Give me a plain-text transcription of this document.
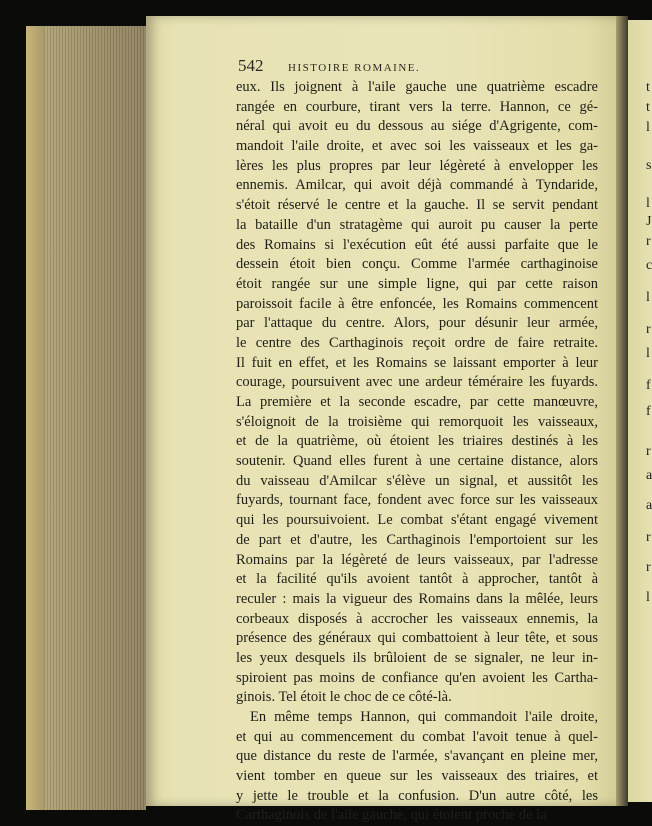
t
t
l
s
l
J
r
c
l
r
l
f
f
r
a
a
r
r
l
542 HISTOIRE ROMAINE.
eux. Ils joignent à l'aile gauche une quatrième escadre
rangée en courbure, tirant vers la terre. Hannon, ce gé-
néral qui avoit eu du dessous au siége d'Agrigente, com-
mandoit l'aile droite, et avec soi les vaisseaux et les ga-
lères les plus propres par leur légèreté à envelopper les
ennemis. Amilcar, qui avoit déjà commandé à Tyndaride,
s'étoit réservé le centre et la gauche. Il se servit pendant
la bataille d'un stratagème qui auroit pu causer la perte
des Romains si l'exécution eût été aussi parfaite que le
dessein étoit bien conçu. Comme l'armée carthaginoise
étoit rangée sur une simple ligne, qui par cette raison
paroissoit facile à être enfoncée, les Romains commencent
par l'attaque du centre. Alors, pour désunir leur armée,
le centre des Carthaginois reçoit ordre de faire retraite.
Il fuit en effet, et les Romains se laissant emporter à leur
courage, poursuivent avec une ardeur téméraire les fuyards.
La première et la seconde escadre, par cette manœuvre,
s'éloignoit de la troisième qui remorquoit les vaisseaux,
et de la quatrième, où étoient les triaires destinés à les
soutenir. Quand elles furent à une certaine distance, alors
du vaisseau d'Amilcar s'élève un signal, et aussitôt les
fuyards, tournant face, fondent avec force sur les vaisseaux
qui les poursuivoient. Le combat s'étant engagé vivement
de part et d'autre, les Carthaginois l'emportoient sur les
Romains par la légèreté de leurs vaisseaux, par l'adresse
et la facilité qu'ils avoient tantôt à approcher, tantôt à
reculer : mais la vigueur des Romains dans la mêlée, leurs
corbeaux disposés à accrocher les vaisseaux ennemis, la
présence des généraux qui combattoient à leur tête, et sous
les yeux desquels ils brûloient de se signaler, ne leur in-
spiroient pas moins de confiance qu'en avoient les Cartha-
ginois. Tel étoit le choc de ce côté-là.
En même temps Hannon, qui commandoit l'aile droite,
et qui au commencement du combat l'avoit tenue à quel-
que distance du reste de l'armée, s'avançant en pleine mer,
vient tomber en queue sur les vaisseaux des triaires, et
y jette le trouble et la confusion. D'un autre côté, les
Carthaginois de l'aile gauche, qui étoient proche de la
